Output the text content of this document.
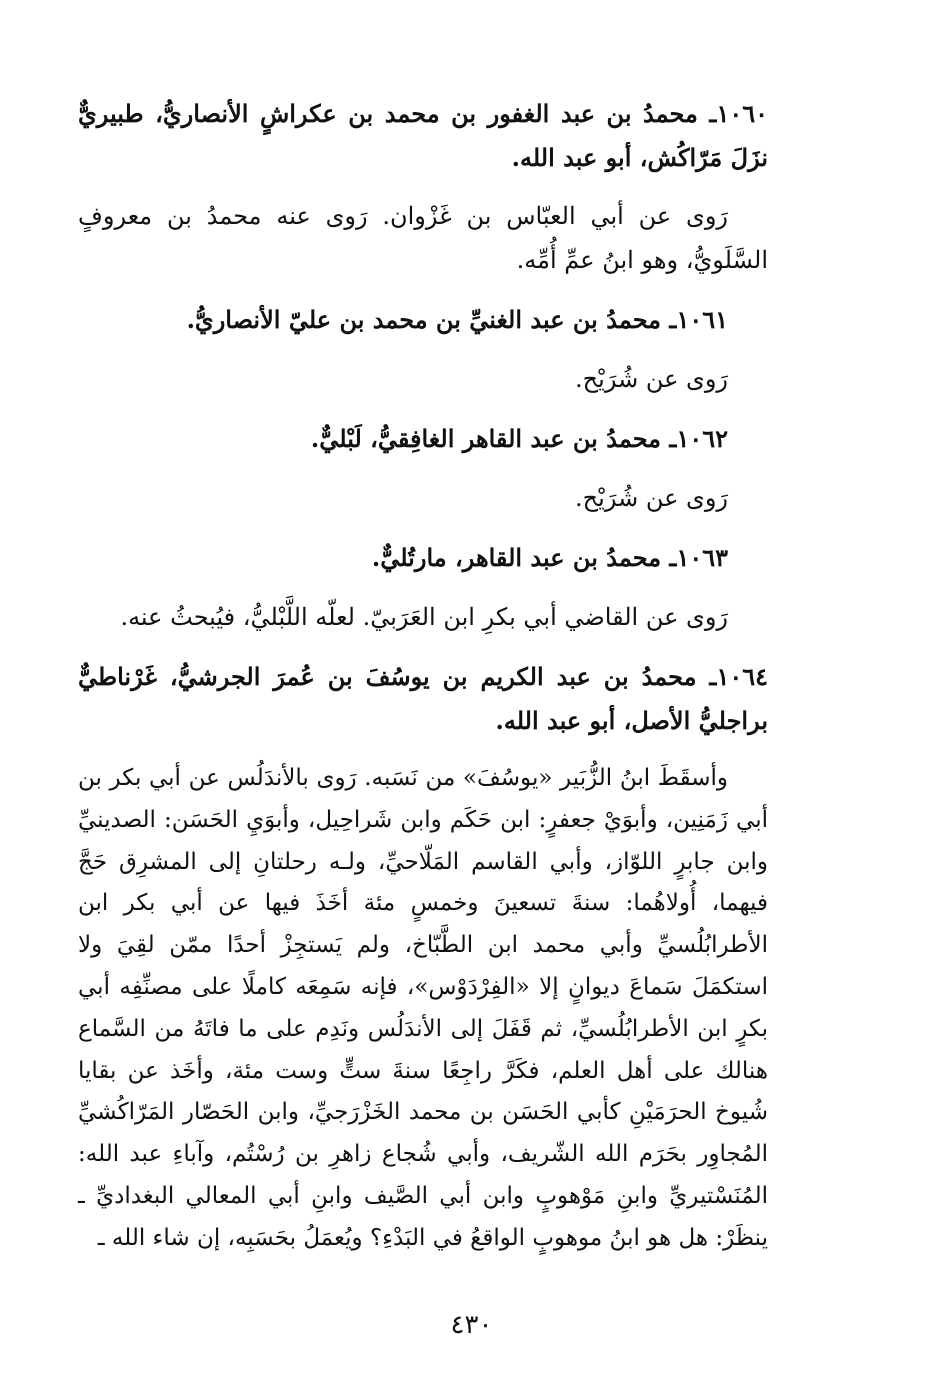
١٠٦٠ـ محمدُ بن عبد الغفور بن محمد بن عكراشٍ الأنصاريُّ، طبيريٌّ نزَلَ مَرّاكُش، أبو عبد الله.

رَوى عن أبي العبّاس بن غَزْوان. رَوى عنه محمدُ بن معروفٍ السَّلَويُّ، وهو ابنُ عمِّ أُمِّه.

١٠٦١ـ محمدُ بن عبد الغنيِّ بن محمد بن عليّ الأنصاريُّ.

رَوى عن شُرَيْح.

١٠٦٢ـ محمدُ بن عبد القاهر الغافِقيُّ، لَبْليٌّ.

رَوى عن شُرَيْح.

١٠٦٣ـ محمدُ بن عبد القاهر، مارتُليٌّ.

رَوى عن القاضي أبي بكرِ ابن العَرَبيّ. لعلّه اللَّبْليُّ، فيُبحثُ عنه.

١٠٦٤ـ محمدُ بن عبد الكريم بن يوسُفَ بن عُمرَ الجرشيُّ، غَرْناطيٌّ براجليُّ الأصل، أبو عبد الله.

وأسقَطَ ابنُ الزُّبَير «يوسُفَ» من نَسَبه. رَوى بالأندَلُس عن أبي بكر بن أبي زَمَنِين، وأبوَيْ جعفرٍ: ابن حَكَم وابن شَراحِيل، وأبوَيِ الحَسَن: الصدينيِّ وابن جابرٍ اللوّاز، وأبي القاسم المَلّاحيِّ، ولـه رحلتانِ إلى المشرِق حَجَّ فيهما، أُولاهُما: سنةَ تسعينَ وخمسٍ مئة أخَذَ فيها عن أبي بكر ابن الأطرابُلُسيِّ وأبي محمد ابن الطَّبّاخ، ولم يَستجِزْ أحدًا ممّن لقِيَ ولا استكمَلَ سَماعَ ديوانٍ إلا «الفِرْدَوْس»، فإنه سَمِعَه كاملًا على مصنِّفِه أبي بكرٍ ابن الأطرابُلُسيِّ، ثم قَفَلَ إلى الأندَلُس ونَدِم على ما فاتَهُ من السَّماع هنالك على أهل العلم، فكَرَّ راجِعًا سنةَ ستٍّ وست مئة، وأخَذ عن بقايا شُيوخ الحرَمَيْنِ كأبي الحَسَن بن محمد الخَزْرَجيِّ، وابن الحَصّار المَرّاكُشيِّ المُجاوِر بحَرَم الله الشّريف، وأبي شُجاع زاهرِ بن رُسْتُم، وآباءِ عبد الله: المُنَسْتيريِّ وابنِ مَوْهوبٍ وابن أبي الصَّيف وابنِ أبي المعالي البغداديِّ ـ ينظَرْ: هل هو ابنُ موهوبٍ الواقعُ في البَدْءِ؟ ويُعمَلُ بحَسَبِه، إن شاء الله ـ

٤٣٠
